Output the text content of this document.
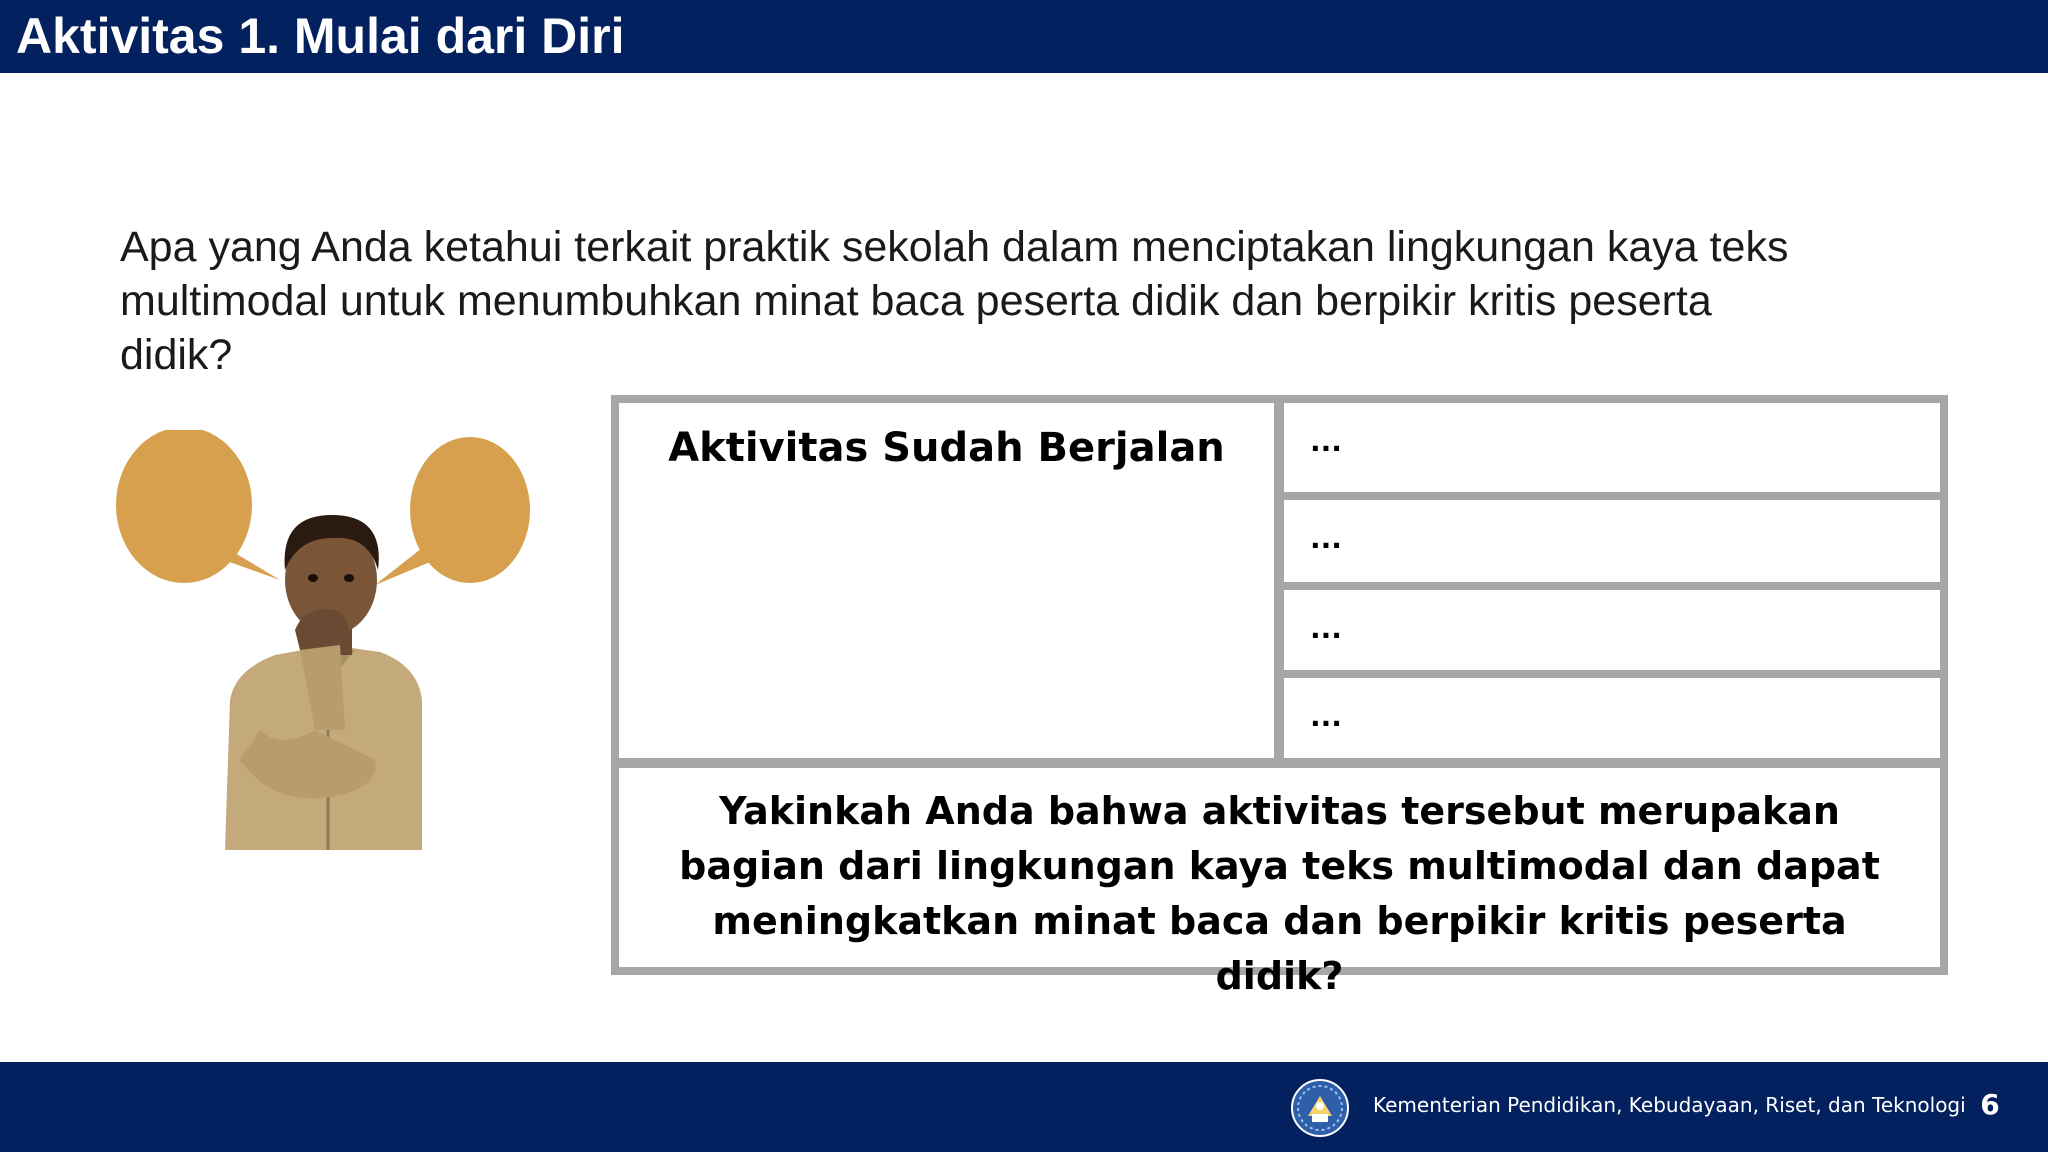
Aktivitas 1. Mulai dari Diri
Apa yang Anda ketahui terkait praktik sekolah dalam menciptakan lingkungan kaya teks multimodal untuk menumbuhkan minat baca peserta didik dan berpikir kritis peserta didik?
Aktivitas Sudah Berjalan	...
...
...
...
Yakinkah Anda bahwa aktivitas tersebut merupakan bagian dari lingkungan kaya teks multimodal dan dapat meningkatkan minat baca dan berpikir kritis peserta didik?
Kementerian Pendidikan, Kebudayaan, Riset, dan Teknologi 6
